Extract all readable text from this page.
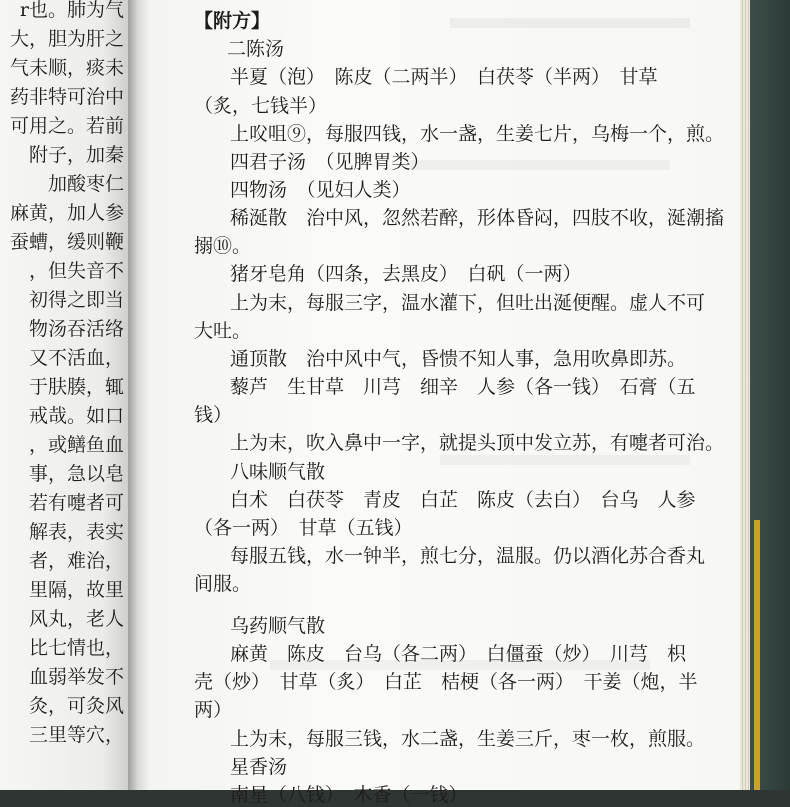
r也。肺为气
大，胆为肝之
气未顺，痰未
药非特可治中
可用之。若前
附子，加秦
加酸枣仁
麻黄，加人参
蚕螬，缓则鞭
，但失音不
初得之即当
物汤吞活络
又不活血，
于肤腠，辄
戒哉。如口
，或鳝鱼血
事，急以皂
若有嚏者可
解表，表实
者，难治，
里隔，故里
风丸，老人
比七情也，
血弱举发不
灸，可灸风
三里等穴，
【附方】
二陈汤
半夏（泡）　陈皮（二两半）　白茯苓（半两）　甘草
（炙，七钱半）
上㕮咀⑨，每服四钱，水一盏，生姜七片，乌梅一个，煎。
四君子汤　（见脾胃类）
四物汤　（见妇人类）
稀涎散　治中风，忽然若醉，形体昏闷，四肢不收，涎潮搐
搦⑩。
猪牙皂角（四条，去黑皮）　白矾（一两）
上为末，每服三字，温水灌下，但吐出涎便醒。虚人不可
大吐。
通顶散　治中风中气，昏愦不知人事，急用吹鼻即苏。
藜芦　生甘草　川芎　细辛　人参（各一钱）　石膏（五
钱）
上为末，吹入鼻中一字，就提头顶中发立苏，有嚏者可治。
八味顺气散
白术　白茯苓　青皮　白芷　陈皮（去白）　台乌　人参
（各一两）　甘草（五钱）
每服五钱，水一钟半，煎七分，温服。仍以酒化苏合香丸
间服。
乌药顺气散
麻黄　陈皮　台乌（各二两）　白僵蚕（炒）　川芎　枳
壳（炒）　甘草（炙）　白芷　桔梗（各一两）　干姜（炮，半
两）
上为末，每服三钱，水二盏，生姜三斤，枣一枚，煎服。
星香汤
南星（八钱）　木香（一钱）
